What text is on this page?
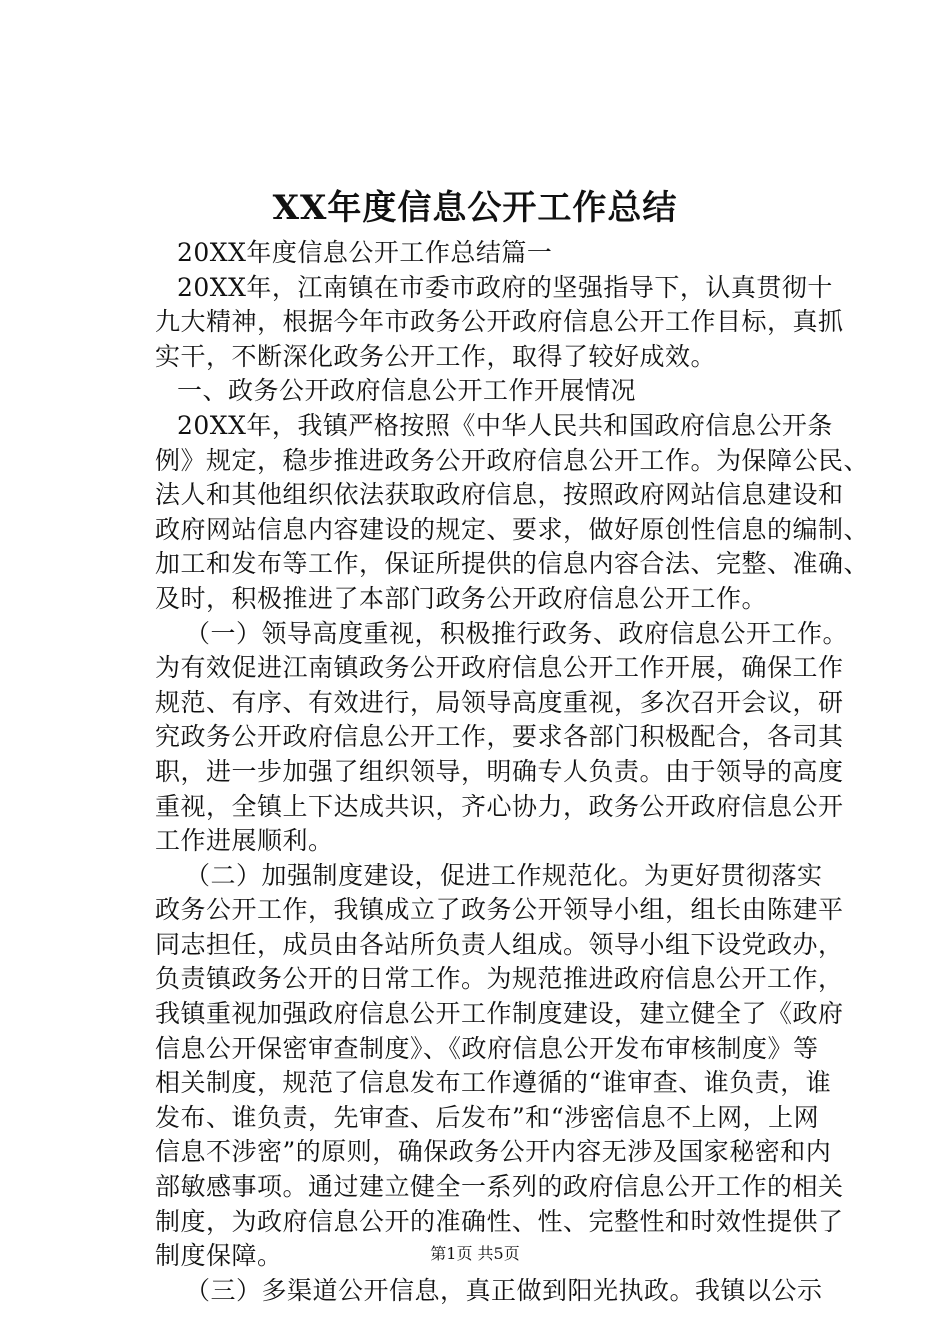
XX年度信息公开工作总结
20XX年度信息公开工作总结篇一
20XX年，江南镇在市委市政府的坚强指导下，认真贯彻十
九大精神，根据今年市政务公开政府信息公开工作目标，真抓
实干，不断深化政务公开工作，取得了较好成效。
一、政务公开政府信息公开工作开展情况
20XX年，我镇严格按照《中华人民共和国政府信息公开条
例》规定，稳步推进政务公开政府信息公开工作。为保障公民、
法人和其他组织依法获取政府信息，按照政府网站信息建设和
政府网站信息内容建设的规定、要求，做好原创性信息的编制、
加工和发布等工作，保证所提供的信息内容合法、完整、准确、
及时，积极推进了本部门政务公开政府信息公开工作。
（一）领导高度重视，积极推行政务、政府信息公开工作。
为有效促进江南镇政务公开政府信息公开工作开展，确保工作
规范、有序、有效进行，局领导高度重视，多次召开会议，研
究政务公开政府信息公开工作，要求各部门积极配合，各司其
职，进一步加强了组织领导，明确专人负责。由于领导的高度
重视，全镇上下达成共识，齐心协力，政务公开政府信息公开
工作进展顺利。
（二）加强制度建设，促进工作规范化。为更好贯彻落实
政务公开工作，我镇成立了政务公开领导小组，组长由陈建平
同志担任，成员由各站所负责人组成。领导小组下设党政办，
负责镇政务公开的日常工作。为规范推进政府信息公开工作，
我镇重视加强政府信息公开工作制度建设，建立健全了《政府
信息公开保密审查制度》、《政府信息公开发布审核制度》等
相关制度，规范了信息发布工作遵循的“谁审查、谁负责，谁
发布、谁负责，先审查、后发布”和“涉密信息不上网，上网
信息不涉密”的原则，确保政务公开内容无涉及国家秘密和内
部敏感事项。通过建立健全一系列的政府信息公开工作的相关
制度，为政府信息公开的准确性、性、完整性和时效性提供了
制度保障。
（三）多渠道公开信息，真正做到阳光执政。我镇以公示
第1页 共5页
